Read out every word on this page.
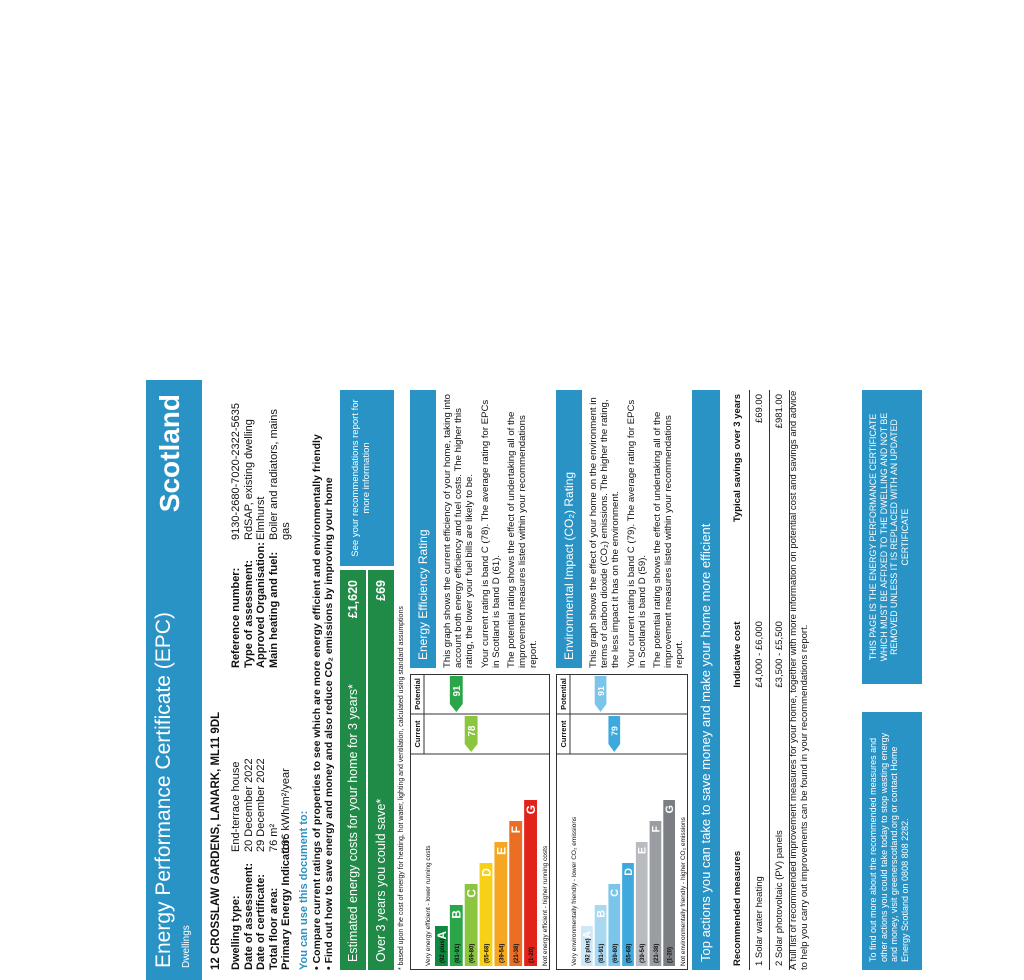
Energy Performance Certificate (EPC) Dwellings
Scotland
12 CROSSLAW GARDENS, LANARK, ML11 9DL Dwelling type:End-terrace house
Date of assessment:20 December 2022
Date of certificate:29 December 2022
Total floor area:76 m² Primary Energy Indicator:166 kWh/m²/year
Reference number:9130-2680-7020-2322-5635
Type of assessment:RdSAP, existing dwelling
Approved Organisation:Elmhurst
Main heating and fuel:Boiler and radiators, mains gas
You can use this document to: • Compare current ratings of properties to see which are more energy efficient and environmentally friendly
• Find out how to save energy and money and also reduce CO₂ emissions by improving your home Estimated energy costs for your home for 3 years*
£1,620
Over 3 years you could save*
£69
See your recommendations report for more information
* based upon the cost of energy for heating, hot water, lighting and ventilation, calculated using standard assumptions Current
Potential
Very energy efficient - lower running costs	Not energy efficient - higher running costs
(92 plus)
A
(81-91)
B
(69-80)
C
(55-68)
D
(39-54)
E
(21-38)
F
(1-20)
G
78
91
Current
Potential
Very environmentally friendly - lower CO₂ emissions	Not environmentally friendly - higher CO₂ emissions
(92 plus)
A
(81-91)
B
(69-80)
C
(55-68)
D
(39-54)
E
(21-38)
F
(1-20)
G
79
91
Energy Efficiency Rating	This graph shows the current efficiency of your home, taking into account both energy efficiency and fuel costs. The higher this rating, the lower your fuel bills are likely to be. Your current rating is band C (78). The average rating for EPCs in Scotland is band D (61). The potential rating shows the effect of undertaking all of the improvement measures listed within your recommendations report.	Environmental Impact (CO₂) Rating	This graph shows the effect of your home on the environment in terms of carbon dioxide (CO₂) emissions. The higher the rating, the less impact it has on the environment. Your current rating is band C (79). The average rating for EPCs in Scotland is band D (59). The potential rating shows the effect of undertaking all of the improvement measures listed within your recommendations report. Top actions you can take to save money and make your home more efficient	Recommended measures	Indicative cost	Typical savings over 3 years
1 Solar water heating	£4,000 - £6,000	£69.00
2 Solar photovoltaic (PV) panels	£3,500 - £5,500	£981.00 A full list of recommended improvement measures for your home, together with more information on potential cost and savings and advice to help you carry out improvements can be found in your recommendations report.	To find out more about the recommended measures and other actions you could take today to stop wasting energy and money, visit greenerscotland.org or contact Home Energy Scotland on 0808 808 2282.
THIS PAGE IS THE ENERGY PERFORMANCE CERTIFICATE WHICH MUST BE AFFIXED TO THE DWELLING AND NOT BE REMOVED UNLESS IT IS REPLACED WITH AN UPDATED CERTIFICATE
